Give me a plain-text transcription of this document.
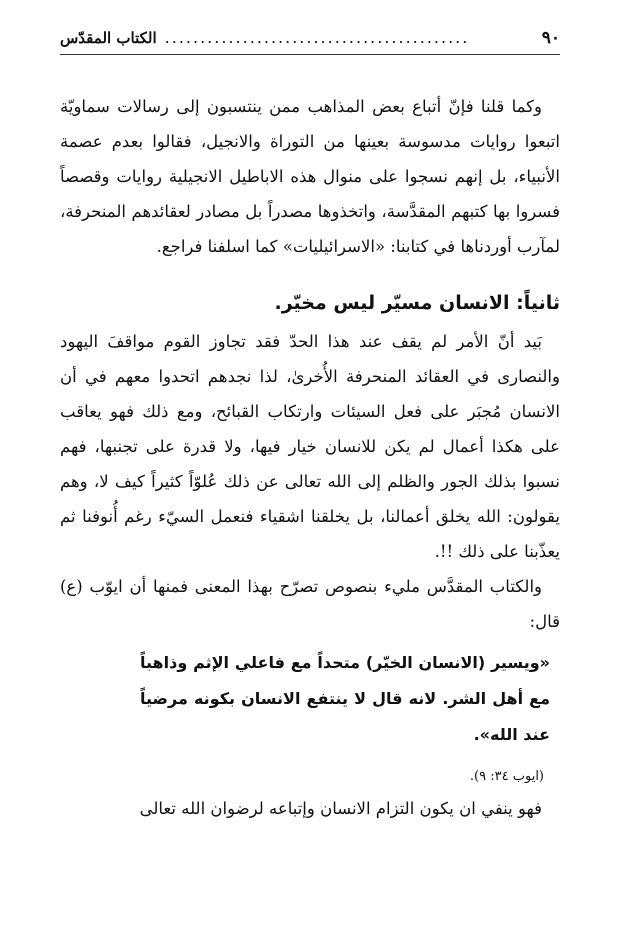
٩٠
...........................................
الكتاب المقدّس

وكما قلنا فإنّ أتباع بعض المذاهب ممن ينتسبون إلى رسالات سماويّة اتبعوا روايات مدسوسة بعينها من التوراة والانجيل، فقالوا بعدم عصمة الأنبياء، بل إنهم نسجوا على منوال هذه الاباطيل الانجيلية روايات وقصصاً فسروا بها كتبهم المقدَّسة، واتخذوها مصدراً بل مصادر لعقائدهم المنحرفة، لمآرب أوردناها في كتابنا: «الاسرائيليات» كما اسلفنا فراجع.

ثانياً: الانسان مسيّر ليس مخيّر.

بَيد أنّ الأمر لم يقف عند هذا الحدّ فقد تجاوز القوم مواقفَ اليهود والنصارى في العقائد المنحرفة الأُخرىٰ، لذا نجدهم اتحدوا معهم في أن الانسان مُجبَر على فعل السيئات وارتكاب القبائح، ومع ذلك فهو يعاقب على هكذا أعمال لم يكن للانسان خيار فيها، ولا قدرة على تجنبها، فهم نسبوا بذلك الجور والظلم إلى الله تعالى عن ذلك عُلوّاً كثيراً كيف لا، وهم يقولون: الله يخلق أعمالنا، بل يخلقنا اشقياء فنعمل السيّء رغم أُنوفنا ثم يعذّبنا على ذلك !!.

والكتاب المقدَّس مليء بنصوص تصرّح بهذا المعنى فمنها أن ايوّب (ع) قال:

«ويسير (الانسان الخيّر) متحداً مع فاعلي الإثم وذاهباً مع أهل الشر. لانه قال لا ينتفع الانسان بكونه مرضياً عند الله».

(ايوب ٣٤: ٩).

فهو ينفي ان يكون التزام الانسان وإتباعه لرضوان الله تعالى
